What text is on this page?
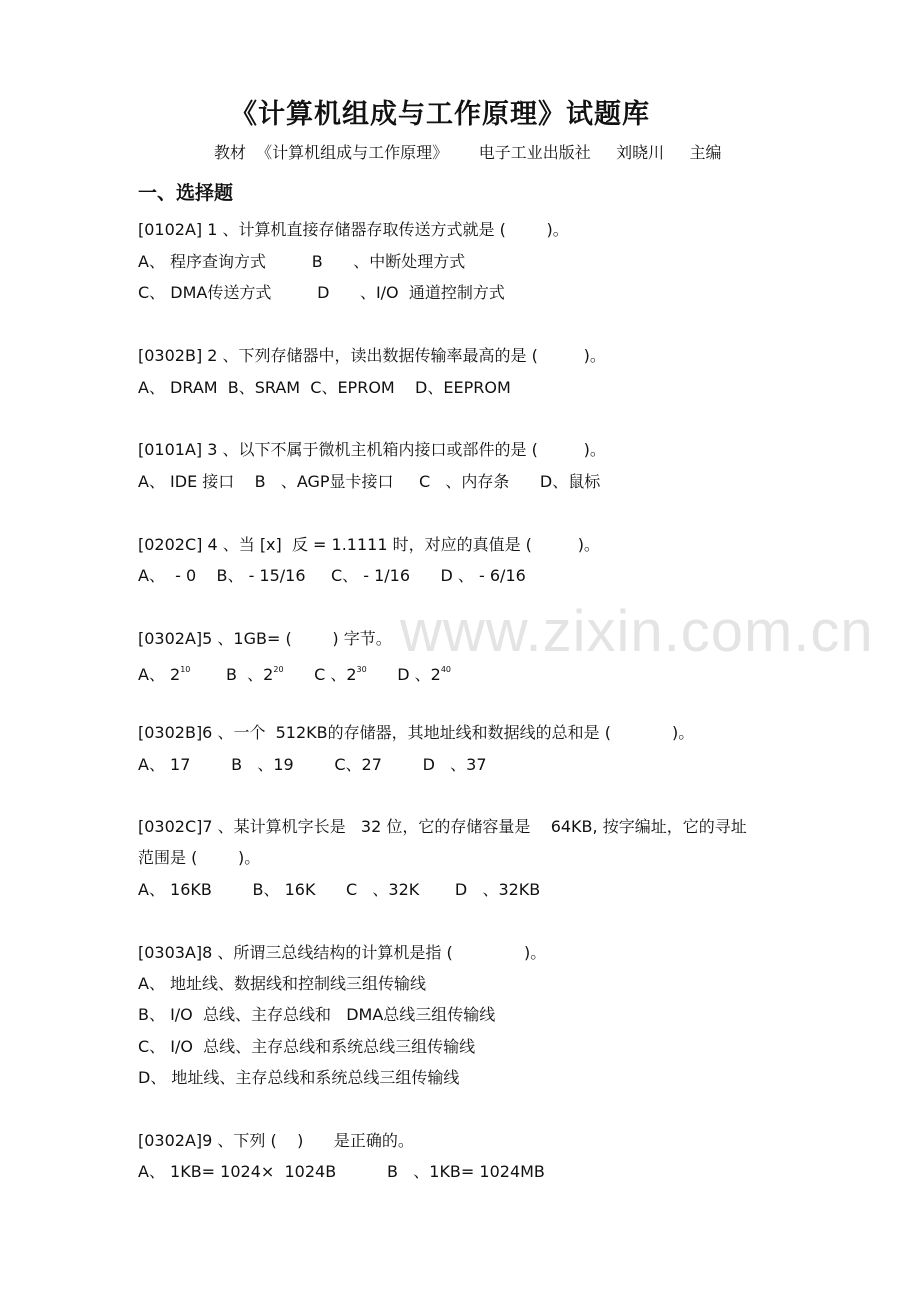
www.zixin.com.cn
《计算机组成与工作原理》试题库
教材  《计算机组成与工作原理》      电子工业出版社     刘晓川     主编
一、选择题
[0102A] 1 、计算机直接存储器存取传送方式就是 (        )。
A、 程序查询方式         B      、中断处理方式
C、 DMA传送方式         D      、I/O  通道控制方式
[0302B] 2 、下列存储器中，读出数据传输率最高的是 (         )。
A、 DRAM  B、SRAM  C、EPROM    D、EEPROM
[0101A] 3 、以下不属于微机主机箱内接口或部件的是 (         )。
A、 IDE 接口    B   、AGP显卡接口     C   、内存条      D、鼠标
[0202C] 4 、当 [x]  反 = 1.1111 时，对应的真值是 (         )。
A、  - 0    B、 - 15/16     C、 - 1/16      D 、 - 6/16
[0302A]5 、1GB= (        ) 字节。
A、 $2^{10}$ B  、$2^{20}$ C 、$2^{30}$ D 、$2^{40}$
[0302B]6 、一个  512KB的存储器，其地址线和数据线的总和是 (            )。
A、 17        B   、19        C、27        D   、37
[0302C]7 、某计算机字长是   32 位，它的存储容量是    64KB, 按字编址，它的寻址
范围是 (        )。
A、 16KB        B、 16K      C   、32K       D   、32KB
[0303A]8 、所谓三总线结构的计算机是指 (              )。
A、 地址线、数据线和控制线三组传输线
B、 I/O  总线、主存总线和   DMA总线三组传输线
C、 I/O  总线、主存总线和系统总线三组传输线
D、 地址线、主存总线和系统总线三组传输线
[0302A]9 、下列 (    )      是正确的。
A、 1KB= 1024×  1024B          B   、1KB= 1024MB
